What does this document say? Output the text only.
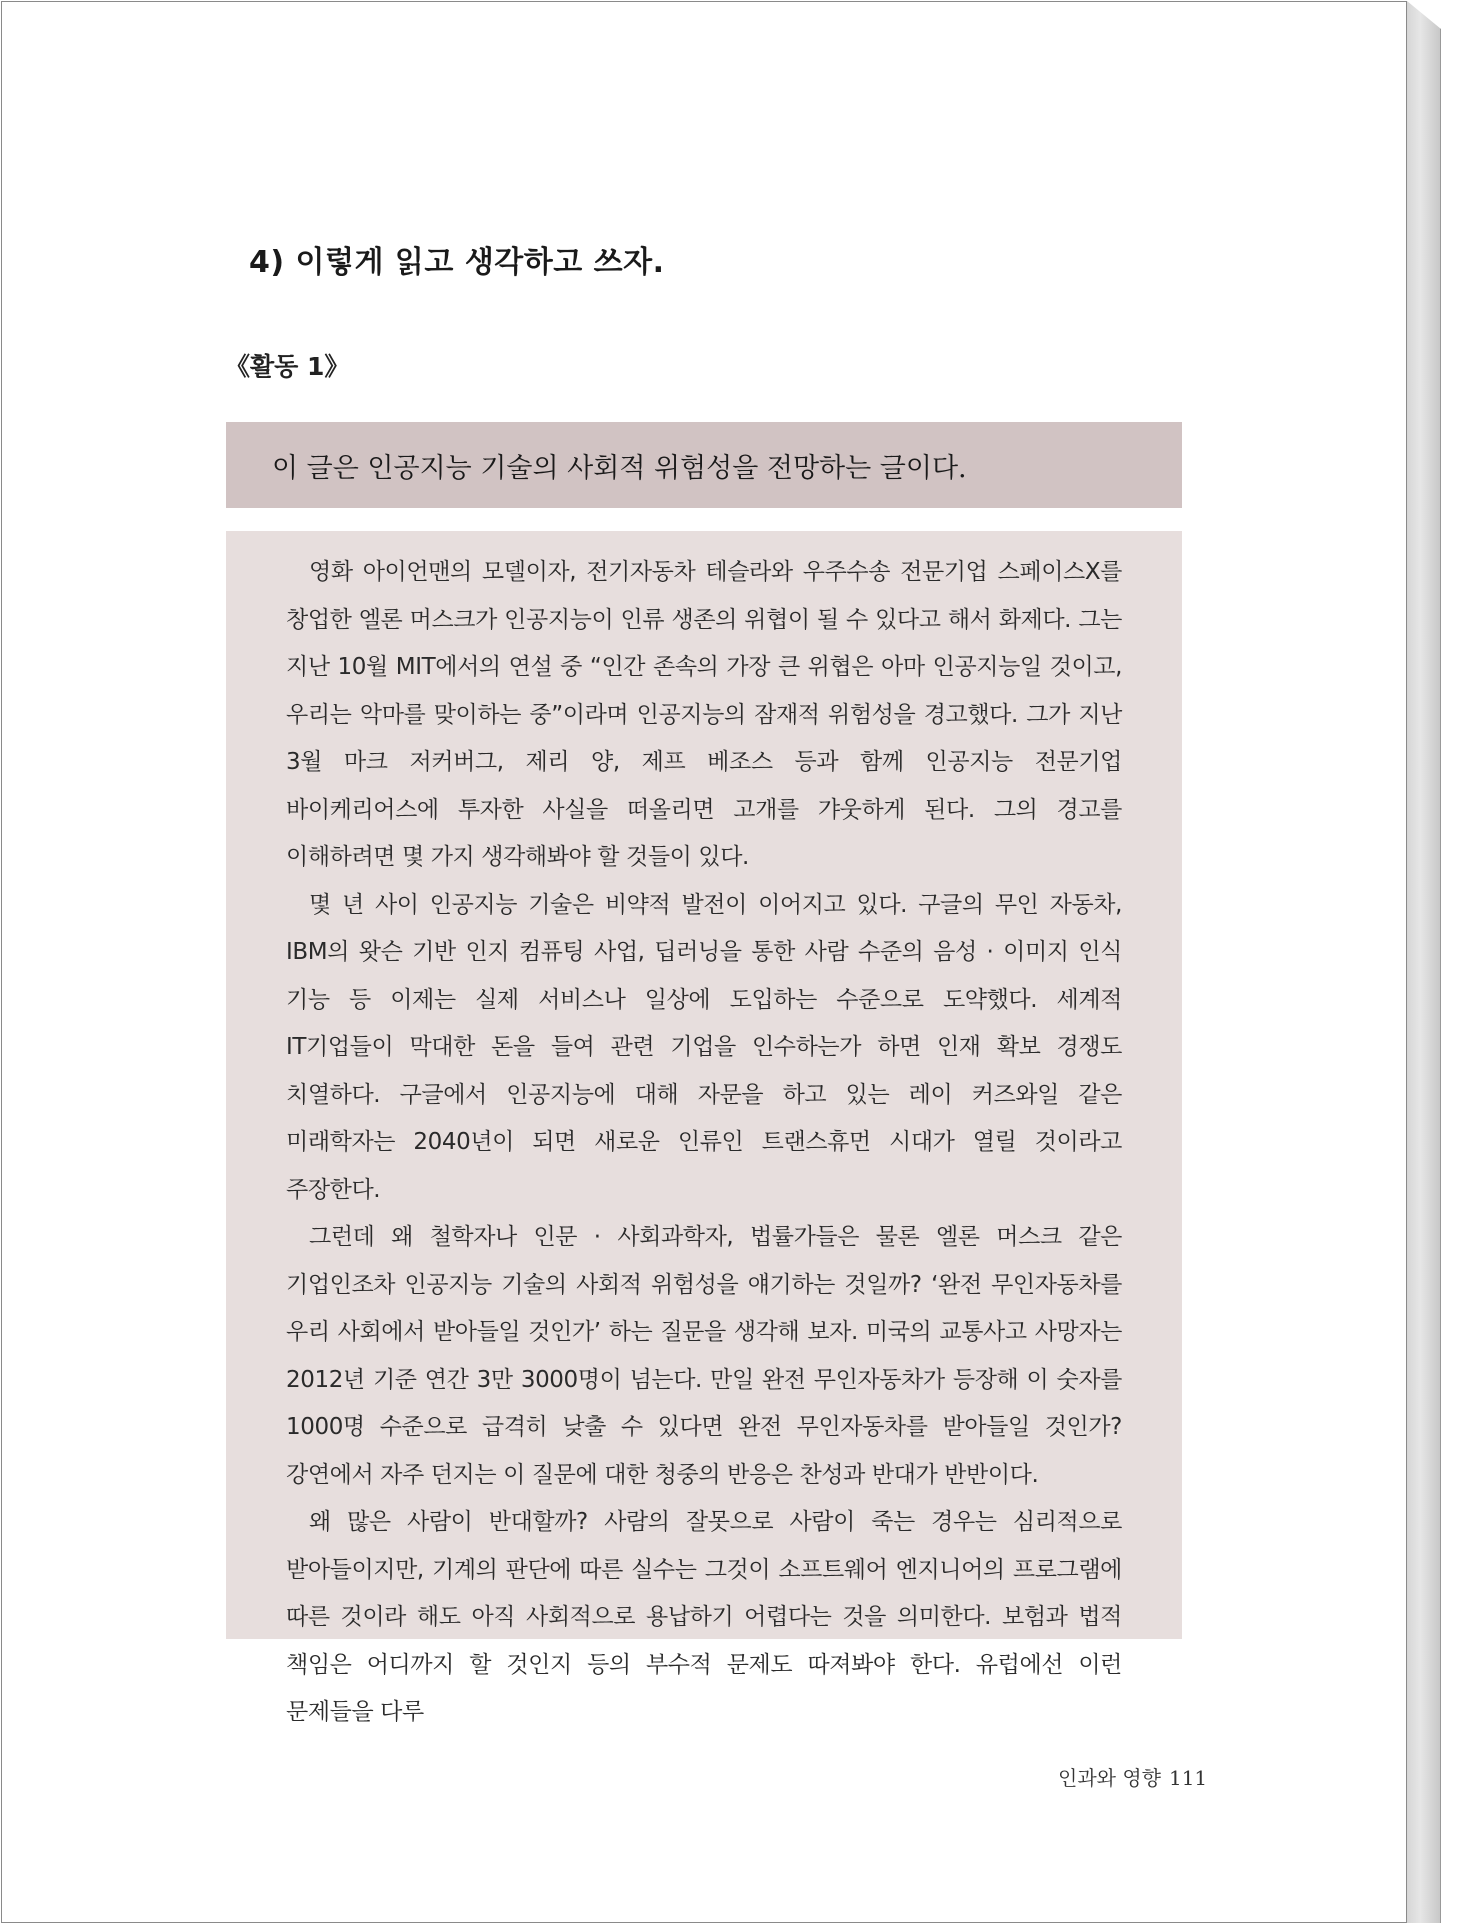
4) 이렇게 읽고 생각하고 쓰자.
《활동 1》
이 글은 인공지능 기술의 사회적 위험성을 전망하는 글이다.

영화 아이언맨의 모델이자, 전기자동차 테슬라와 우주수송 전문기업 스페이스X를 창업한 엘론 머스크가 인공지능이 인류 생존의 위협이 될 수 있다고 해서 화제다. 그는 지난 10월 MIT에서의 연설 중 “인간 존속의 가장 큰 위협은 아마 인공지능일 것이고, 우리는 악마를 맞이하는 중”이라며 인공지능의 잠재적 위험성을 경고했다. 그가 지난 3월 마크 저커버그, 제리 양, 제프 베조스 등과 함께 인공지능 전문기업 바이케리어스에 투자한 사실을 떠올리면 고개를 갸웃하게 된다. 그의 경고를 이해하려면 몇 가지 생각해봐야 할 것들이 있다.

몇 년 사이 인공지능 기술은 비약적 발전이 이어지고 있다. 구글의 무인 자동차, IBM의 왓슨 기반 인지 컴퓨팅 사업, 딥러닝을 통한 사람 수준의 음성 · 이미지 인식 기능 등 이제는 실제 서비스나 일상에 도입하는 수준으로 도약했다. 세계적 IT기업들이 막대한 돈을 들여 관련 기업을 인수하는가 하면 인재 확보 경쟁도 치열하다. 구글에서 인공지능에 대해 자문을 하고 있는 레이 커즈와일 같은 미래학자는 2040년이 되면 새로운 인류인 트랜스휴먼 시대가 열릴 것이라고 주장한다.

그런데 왜 철학자나 인문 · 사회과학자, 법률가들은 물론 엘론 머스크 같은 기업인조차 인공지능 기술의 사회적 위험성을 얘기하는 것일까? ‘완전 무인자동차를 우리 사회에서 받아들일 것인가’ 하는 질문을 생각해 보자. 미국의 교통사고 사망자는 2012년 기준 연간 3만 3000명이 넘는다. 만일 완전 무인자동차가 등장해 이 숫자를 1000명 수준으로 급격히 낮출 수 있다면 완전 무인자동차를 받아들일 것인가? 강연에서 자주 던지는 이 질문에 대한 청중의 반응은 찬성과 반대가 반반이다.

왜 많은 사람이 반대할까? 사람의 잘못으로 사람이 죽는 경우는 심리적으로 받아들이지만, 기계의 판단에 따른 실수는 그것이 소프트웨어 엔지니어의 프로그램에 따른 것이라 해도 아직 사회적으로 용납하기 어렵다는 것을 의미한다. 보험과 법적 책임은 어디까지 할 것인지 등의 부수적 문제도 따져봐야 한다. 유럽에선 이런 문제들을 다루

인과와 영향 111
